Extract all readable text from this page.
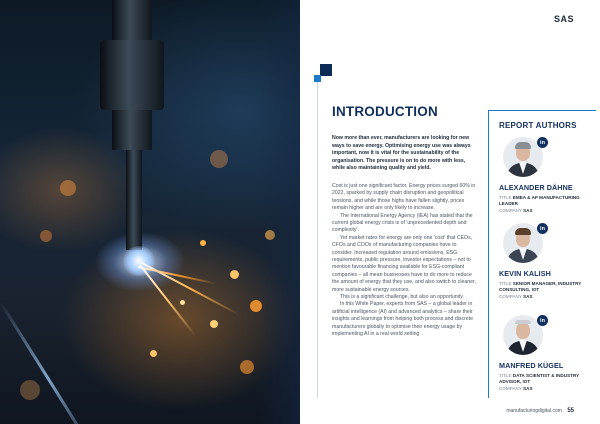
SAS
INTRODUCTION

Now more than ever, manufacturers are looking for new ways to save energy. Optimising energy use was always important, now it is vital for the sustainability of the organisation. The pressure is on to do more with less, while also maintaining quality and yield.

Cost is just one significant factor. Energy prices surged 60% in 2022, sparked by supply chain disruption and geopolitical tensions, and while those highs have fallen slightly, prices remain higher and are only likely to increase.

The International Energy Agency (IEA) has stated that the current global energy crisis is of 'unprecedented depth and complexity'.

Yet market rates for energy are only one 'cost' that CEOs, CFOs and COOs of manufacturing companies have to consider. Increased regulation around emissions, ESG requirements, public pressure, investor expectations – not to mention favourable financing available for ESG-compliant companies – all mean businesses have to do more to reduce the amount of energy that they use, and also switch to cleaner, more sustainable energy sources.

This is a significant challenge, but also an opportunity.

In this White Paper, experts from SAS – a global leader in artificial intelligence (AI) and advanced analytics – share their insights and learnings from helping both process and discrete manufacturers globally to optimise their energy usage by implementing AI in a real world setting

REPORT AUTHORS
in
ALEXANDER DÄHNE
TITLE EMEA & AP MANUFACTURING LEADER
COMPANY SAS
in
KEVIN KALISH
TITLE SENIOR MANAGER, INDUSTRY CONSULTING, IOT
COMPANY SAS
in
MANFRED KÜGEL
TITLE DATA SCIENTIST & INDUSTRY ADVISOR, IOT
COMPANY SAS
manufacturingdigital.com 55
